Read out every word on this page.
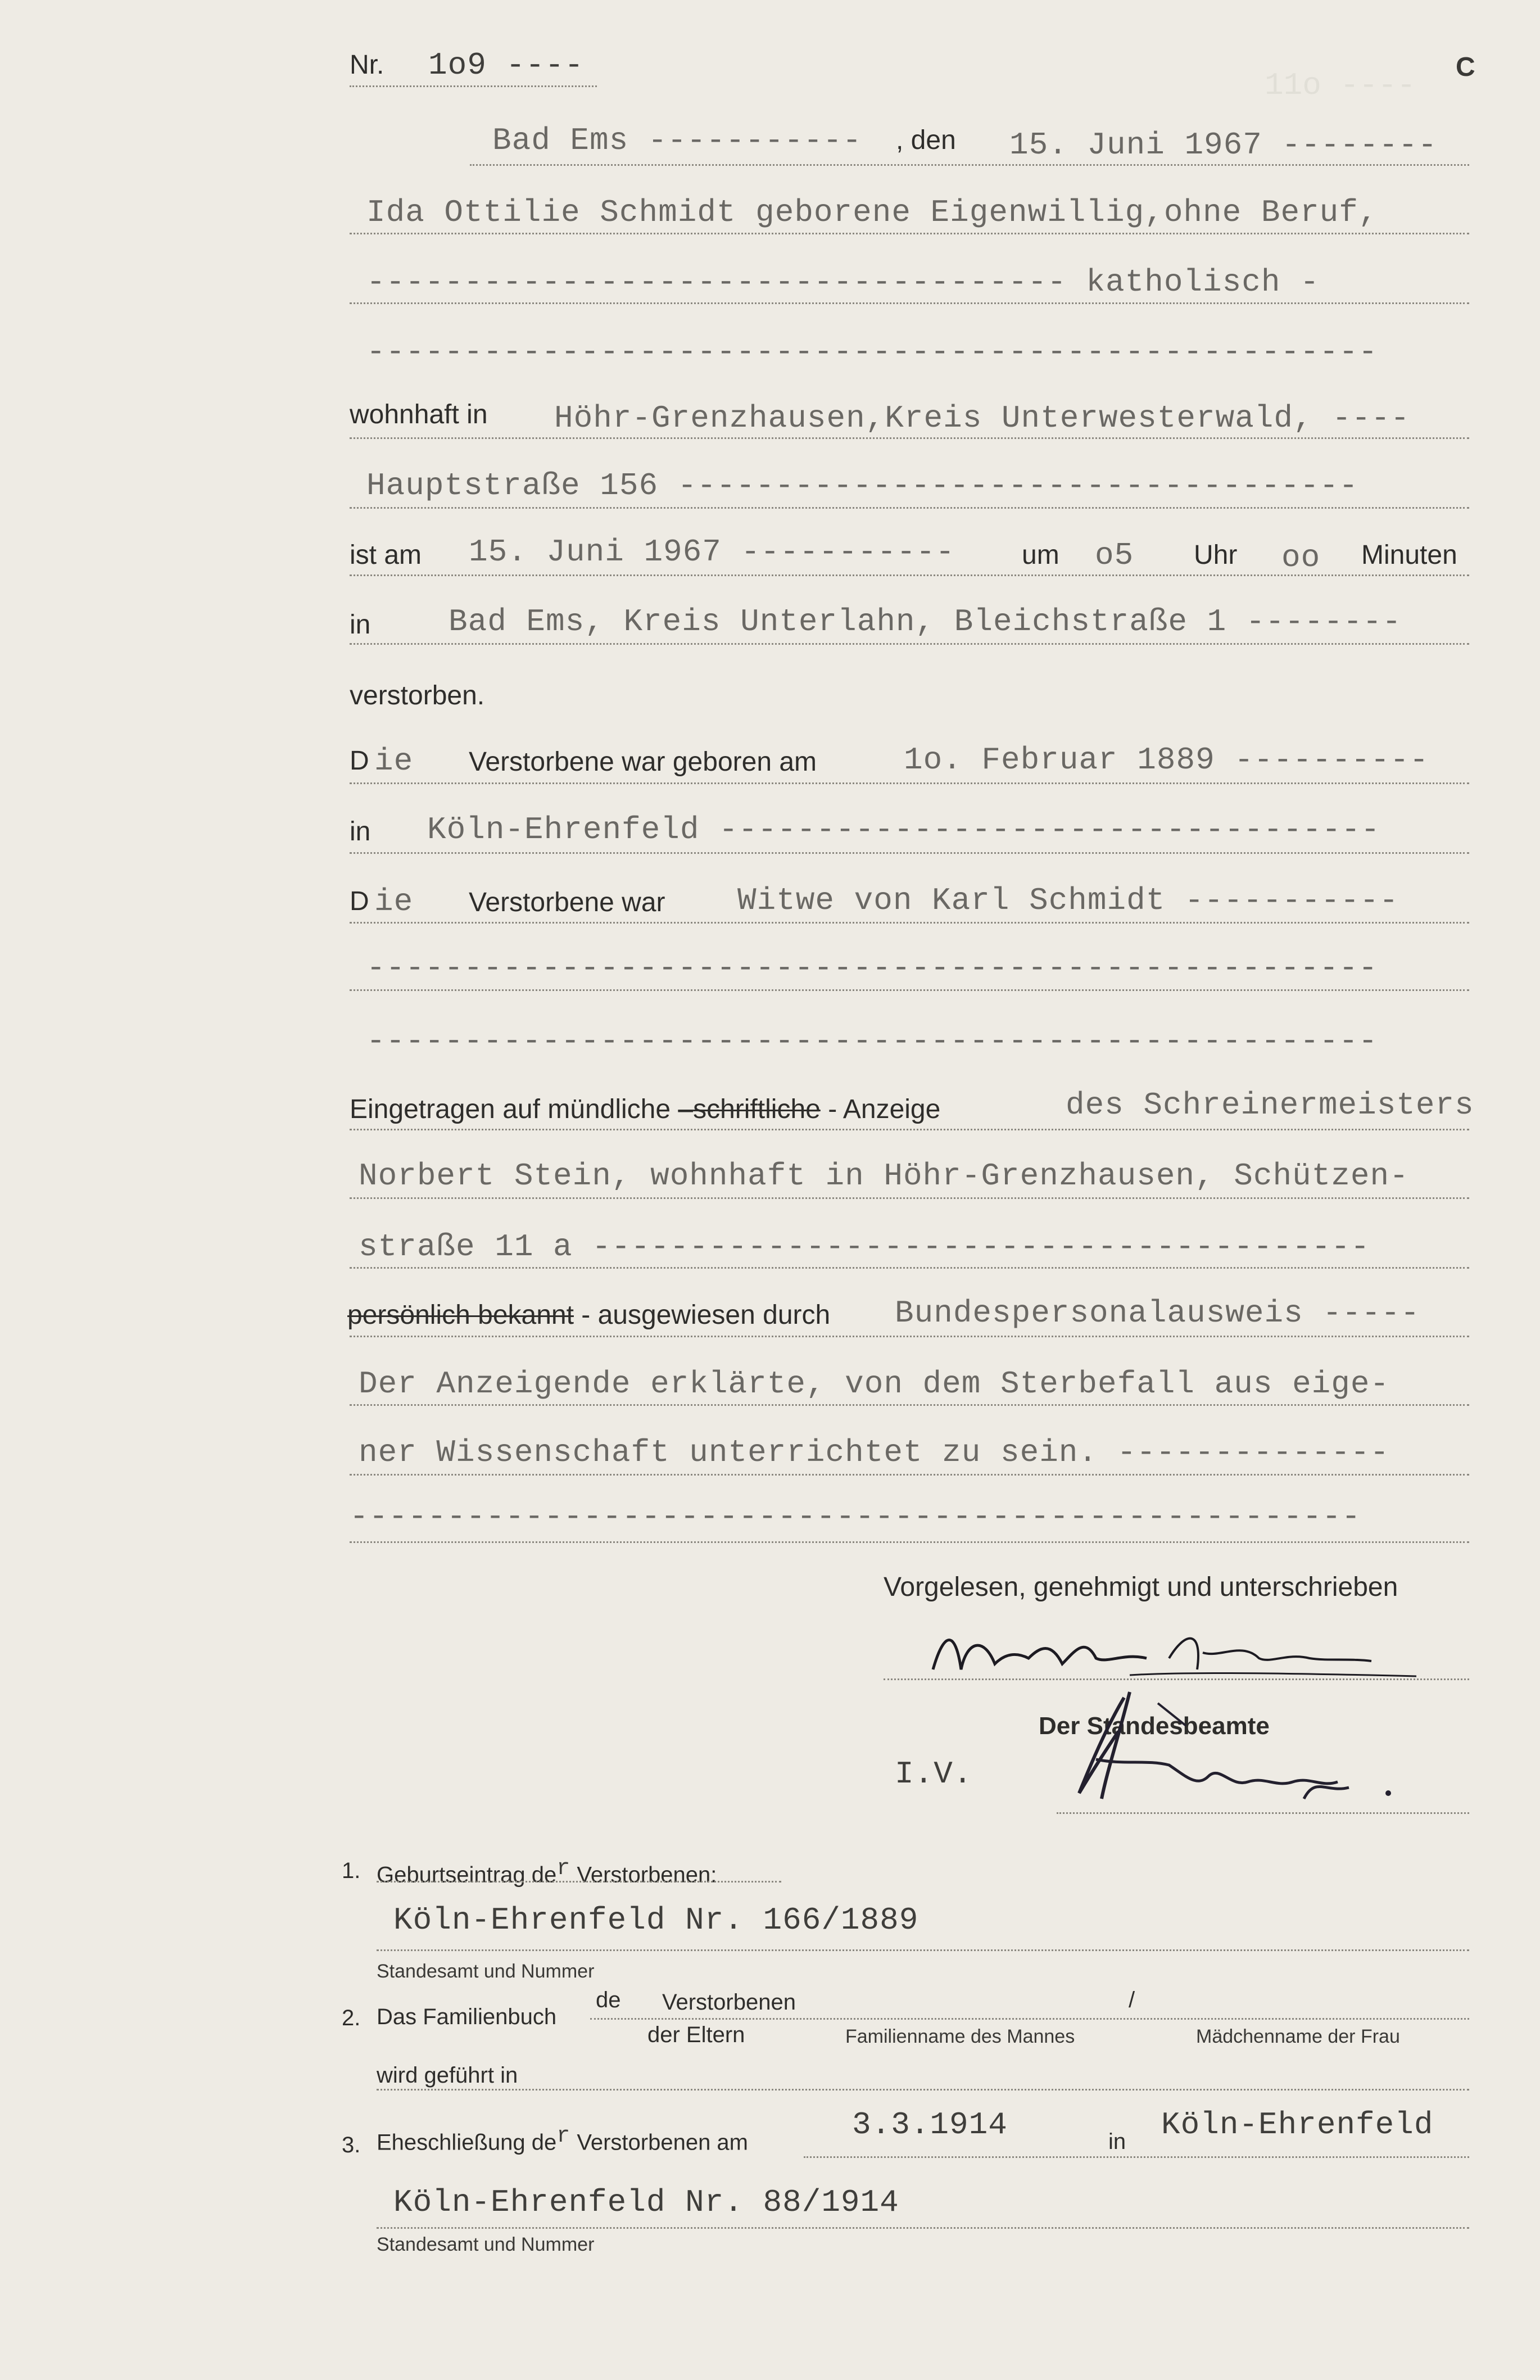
11o ----
Nr. 1o9 ----	C
Bad Ems ----------- , den 15. Juni 1967 --------
Ida Ottilie Schmidt geborene Eigenwillig,ohne Beruf,
------------------------------------ katholisch -
----------------------------------------------------
wohnhaft in Höhr-Grenzhausen,Kreis Unterwesterwald, ----
Hauptstraße 156 -----------------------------------
ist am 15. Juni 1967 ----------- um o5 Uhr oo Minuten
in Bad Ems, Kreis Unterlahn, Bleichstraße 1 --------
verstorben.
D ie Verstorbene war geboren am	1o. Februar 1889 ----------
in Köln-Ehrenfeld ----------------------------------
D ie Verstorbene war Witwe von Karl Schmidt -----------
----------------------------------------------------
----------------------------------------------------
Eingetragen auf mündliche –schriftliche - Anzeige	des Schreinermeisters
Norbert Stein, wohnhaft in Höhr-Grenzhausen, Schützen-
straße 11 a ----------------------------------------
persönlich bekannt - ausgewiesen durch Bundespersonalausweis -----
Der Anzeigende erklärte, von dem Sterbefall aus eige-
ner Wissenschaft unterrichtet zu sein. --------------
----------------------------------------------------
Vorgelesen, genehmigt und unterschrieben
Der Standesbeamte
I.V.
1. Geburtseintrag $de^r$ Verstorbenen:
Köln-Ehrenfeld Nr. 166/1889
Standesamt und Nummer
2. Das Familienbuch
de Verstorbenen	/
der Eltern	Familienname des Mannes	Mädchenname der Frau
wird geführt in
3. Eheschließung $de^r$ Verstorbenen am	3.3.1914	in Köln-Ehrenfeld
Köln-Ehrenfeld Nr. 88/1914
Standesamt und Nummer
